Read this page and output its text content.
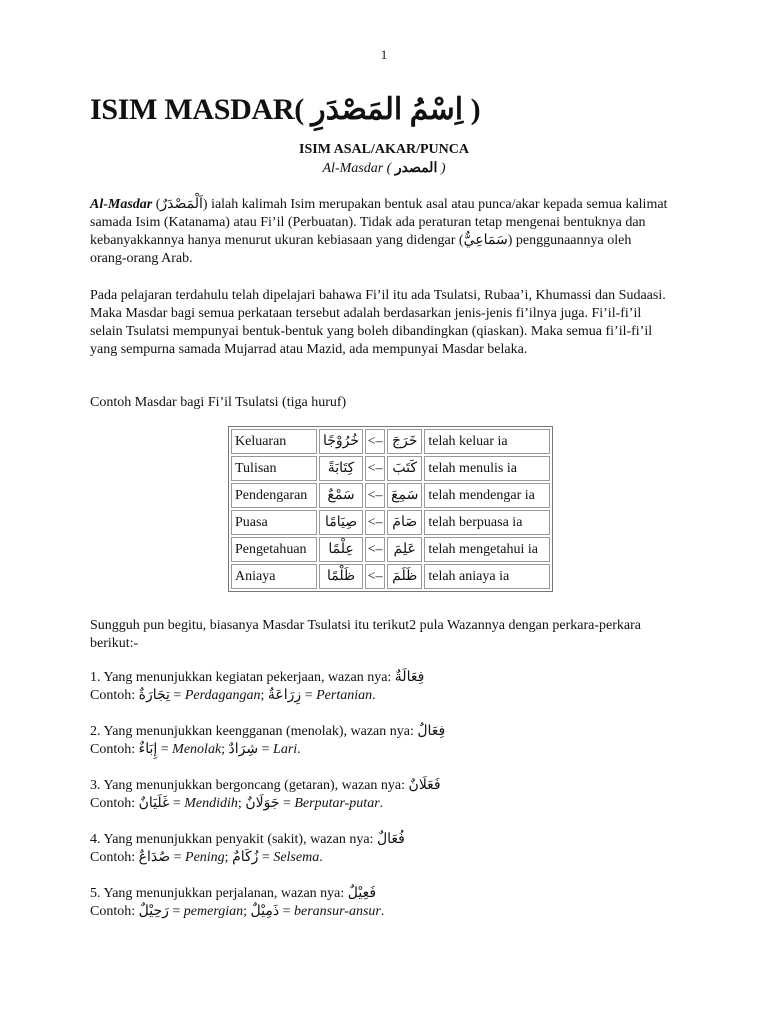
1
ISIM MASDAR( اِسْمُ المَصْدَرِ )
ISIM ASAL/AKAR/PUNCA
Al-Masdar ( المصدر )
Al-Masdar (اَلْمَصْدَرٌ) ialah kalimah Isim merupakan bentuk asal atau punca/akar kepada semua kalimat samada Isim (Katanama) atau Fi’il (Perbuatan). Tidak ada peraturan tetap mengenai bentuknya dan kebanyakkannya hanya menurut ukuran kebiasaan yang didengar (سَمَاعِيٌّ) penggunaannya oleh orang-orang Arab.
Pada pelajaran terdahulu telah dipelajari bahawa Fi’il itu ada Tsulatsi, Rubaa’i, Khumassi dan Sudaasi. Maka Masdar bagi semua perkataan tersebut adalah berdasarkan jenis-jenis fi’ilnya juga. Fi’il-fi’il selain Tsulatsi mempunyai bentuk-bentuk yang boleh dibandingkan (qiaskan). Maka semua fi’il-fi’il yang sempurna samada Mujarrad atau Mazid, ada mempunyai Masdar belaka.
Contoh Masdar bagi Fi’il Tsulatsi (tiga huruf)
Keluaran	خُرُوْجًا	<–	خَرَجَ	telah keluar ia
Tulisan	كِتَابَةً	<–	كَتَبَ	telah menulis ia
Pendengaran	سَمْعٌ	<–	سَمِعَ	telah mendengar ia
Puasa	صِيَامًا	<–	صَامَ	telah berpuasa ia
Pengetahuan	عِلْمًا	<–	عَلِمَ	telah mengetahui ia
Aniaya	ظَلْمًا	<–	ظَلَمَ	telah aniaya ia
Sungguh pun begitu, biasanya Masdar Tsulatsi itu terikut2 pula Wazannya dengan perkara-perkara berikut:-
1. Yang menunjukkan kegiatan pekerjaan, wazan nya: فِعَالَةٌ
Contoh: تِجَارَةٌ = Perdagangan; زِرَاعَةٌ = Pertanian.
2. Yang menunjukkan keengganan (menolak), wazan nya: فِعَالٌ
Contoh: إِبَاءٌ = Menolak; شِرَادٌ = Lari.
3. Yang menunjukkan bergoncang (getaran), wazan nya: فَعَلَانٌ
Contoh: غَلَيَانٌ = Mendidih; جَوَلَانٌ = Berputar-putar.
4. Yang menunjukkan penyakit (sakit), wazan nya: فُعَالٌ
Contoh: صُدَاعٌ = Pening; زُكَامٌ = Selsema.
5. Yang menunjukkan perjalanan, wazan nya: فَعِيْلٌ
Contoh: رَحِيْلٌ = pemergian; ذَمِيْلٌ = beransur-ansur.
